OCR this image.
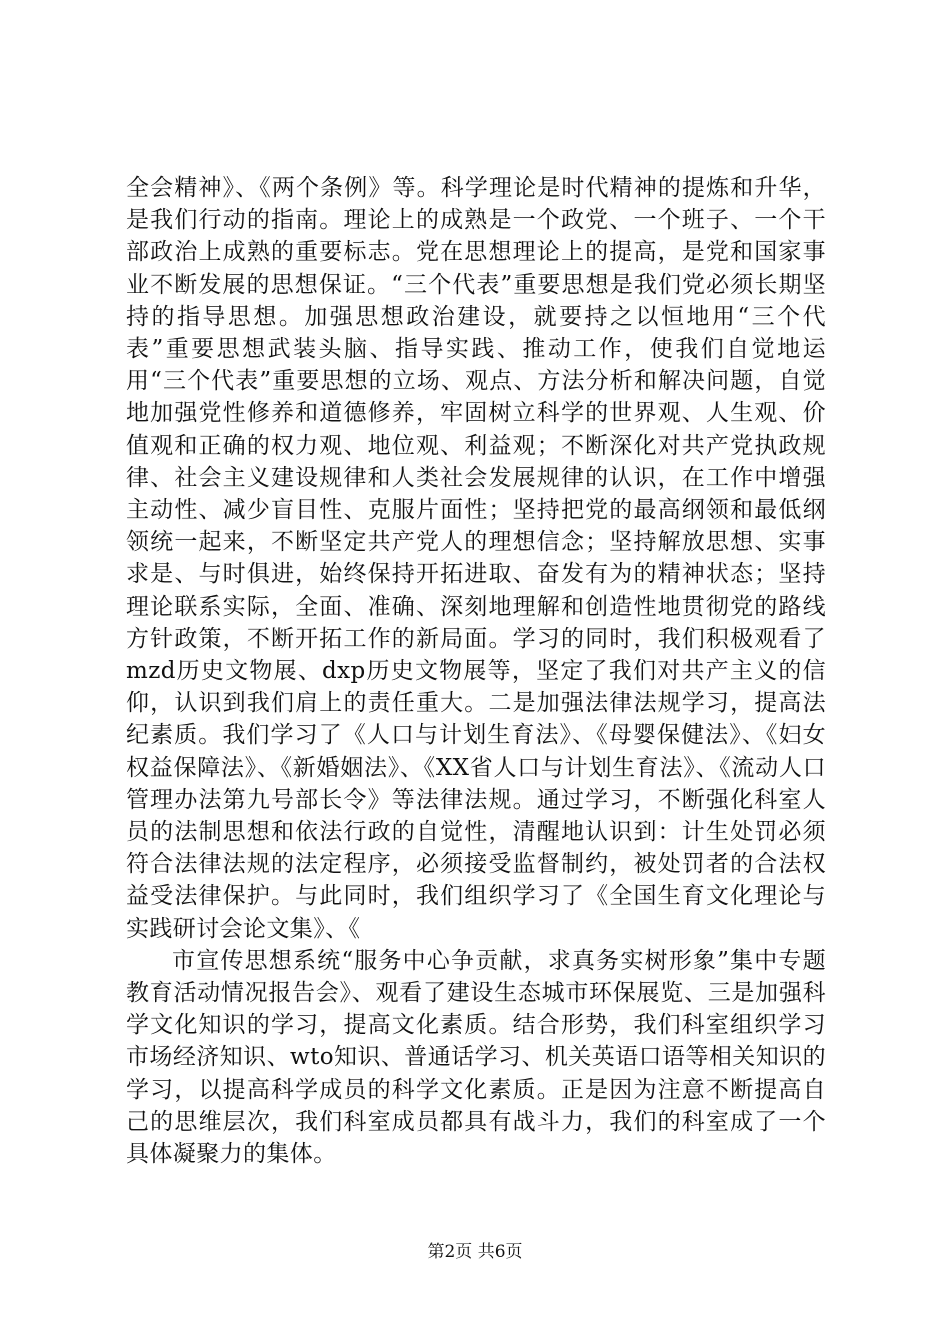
全会精神》、《两个条例》等。科学理论是时代精神的提炼和升华，是我们行动的指南。理论上的成熟是一个政党、一个班子、一个干部政治上成熟的重要标志。党在思想理论上的提高，是党和国家事业不断发展的思想保证。“三个代表”重要思想是我们党必须长期坚持的指导思想。加强思想政治建设，就要持之以恒地用“三个代表”重要思想武装头脑、指导实践、推动工作，使我们自觉地运用“三个代表”重要思想的立场、观点、方法分析和解决问题，自觉地加强党性修养和道德修养，牢固树立科学的世界观、人生观、价值观和正确的权力观、地位观、利益观；不断深化对共产党执政规律、社会主义建设规律和人类社会发展规律的认识，在工作中增强主动性、减少盲目性、克服片面性；坚持把党的最高纲领和最低纲领统一起来，不断坚定共产党人的理想信念；坚持解放思想、实事求是、与时俱进，始终保持开拓进取、奋发有为的精神状态；坚持理论联系实际，全面、准确、深刻地理解和创造性地贯彻党的路线方针政策，不断开拓工作的新局面。学习的同时，我们积极观看了mzd历史文物展、dxp历史文物展等，坚定了我们对共产主义的信仰，认识到我们肩上的责任重大。二是加强法律法规学习，提高法纪素质。我们学习了《人口与计划生育法》、《母婴保健法》、《妇女权益保障法》、《新婚姻法》、《XX省人口与计划生育法》、《流动人口管理办法第九号部长令》等法律法规。通过学习，不断强化科室人员的法制思想和依法行政的自觉性，清醒地认识到：计生处罚必须符合法律法规的法定程序，必须接受监督制约，被处罚者的合法权益受法律保护。与此同时，我们组织学习了《全国生育文化理论与实践研讨会论文集》、《

市宣传思想系统“服务中心争贡献，求真务实树形象”集中专题教育活动情况报告会》、观看了建设生态城市环保展览、三是加强科学文化知识的学习，提高文化素质。结合形势，我们科室组织学习市场经济知识、wto知识、普通话学习、机关英语口语等相关知识的学习，以提高科学成员的科学文化素质。正是因为注意不断提高自己的思维层次，我们科室成员都具有战斗力，我们的科室成了一个具体凝聚力的集体。

第2页 共6页
